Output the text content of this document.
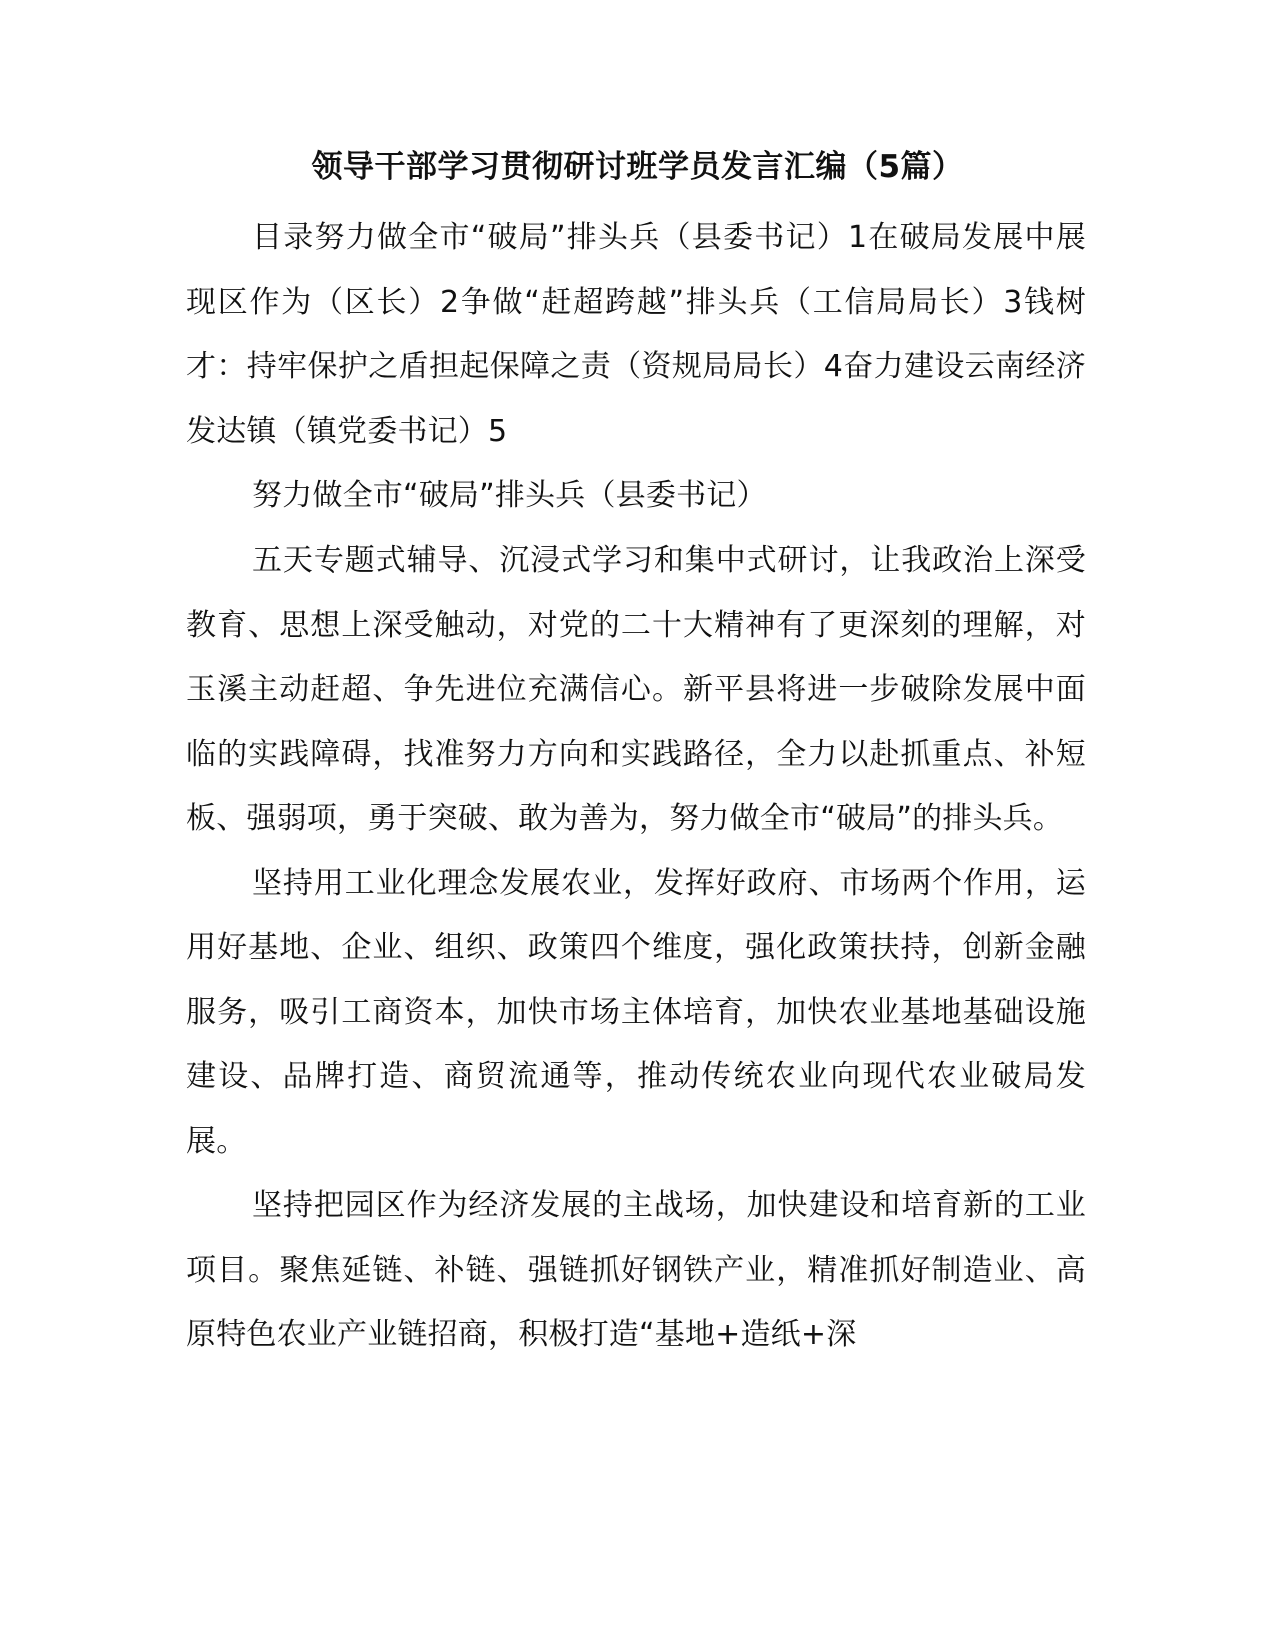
领导干部学习贯彻研讨班学员发言汇编（5篇）

目录努力做全市“破局”排头兵（县委书记）1在破局发展中展现区作为（区长）2争做“赶超跨越”排头兵（工信局局长）3钱树才：持牢保护之盾担起保障之责（资规局局长）4奋力建设云南经济发达镇（镇党委书记）5

努力做全市“破局”排头兵（县委书记）

五天专题式辅导、沉浸式学习和集中式研讨，让我政治上深受教育、思想上深受触动，对党的二十大精神有了更深刻的理解，对玉溪主动赶超、争先进位充满信心。新平县将进一步破除发展中面临的实践障碍，找准努力方向和实践路径，全力以赴抓重点、补短板、强弱项，勇于突破、敢为善为，努力做全市“破局”的排头兵。

坚持用工业化理念发展农业，发挥好政府、市场两个作用，运用好基地、企业、组织、政策四个维度，强化政策扶持，创新金融服务，吸引工商资本，加快市场主体培育，加快农业基地基础设施建设、品牌打造、商贸流通等，推动传统农业向现代农业破局发展。

坚持把园区作为经济发展的主战场，加快建设和培育新的工业项目。聚焦延链、补链、强链抓好钢铁产业，精准抓好制造业、高原特色农业产业链招商，积极打造“基地+造纸+深
